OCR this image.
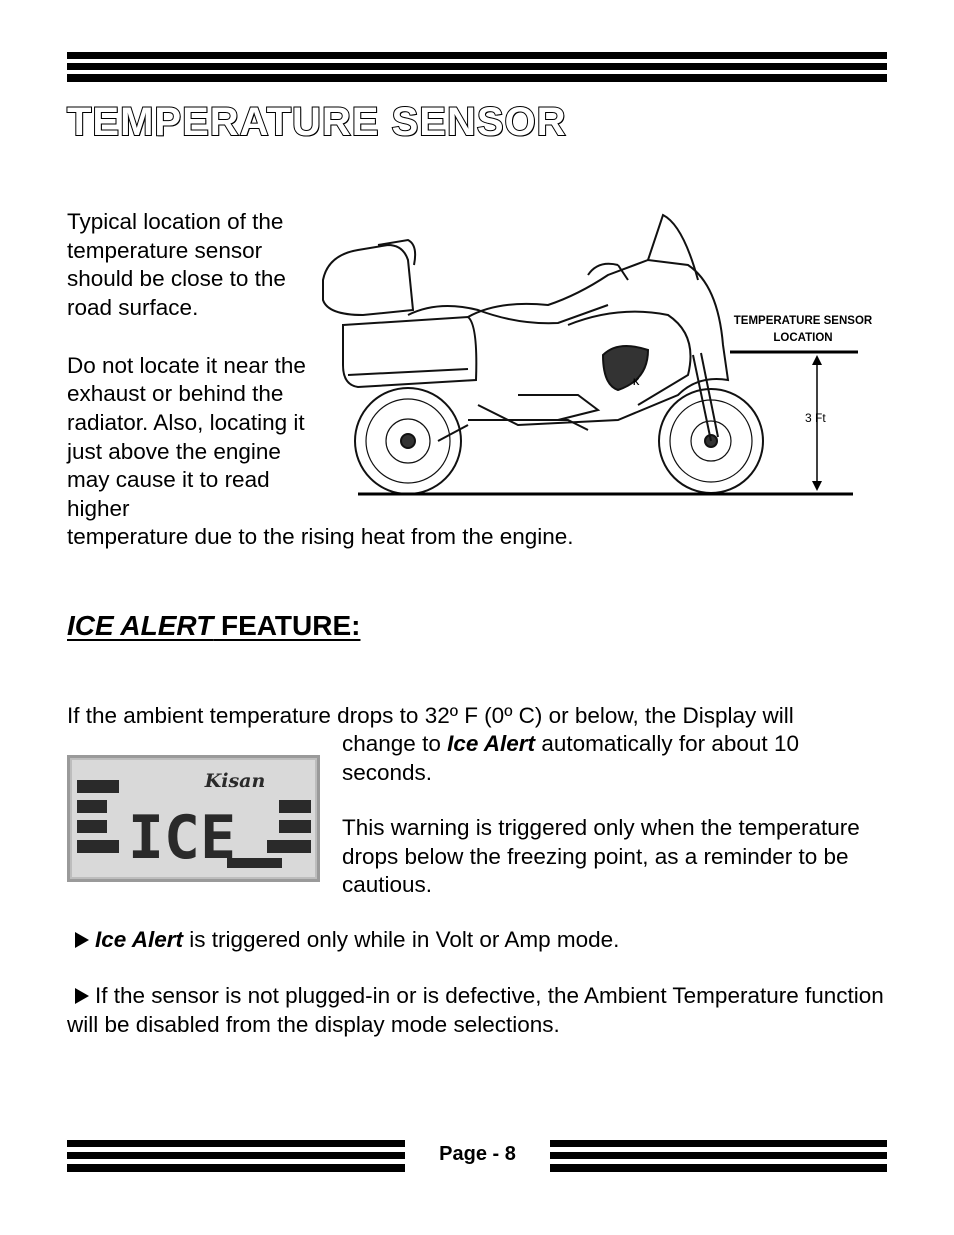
TEMPERATURE SENSOR

Typical location of the temperature sensor should be close to the road surface.

Do not locate it near the exhaust or behind the radiator. Also, locating it just above the engine may cause it to read higher

temperature due to the rising heat from the engine.

K
3 Ft
TEMPERATURE SENSOR
LOCATION
ICE ALERT FEATURE:

If the ambient temperature drops to 32º F (0º C) or below, the Display will

change to Ice Alert automatically for about 10 seconds.

This warning is triggered only when the temperature drops below the freezing point, as a reminder to be cautious.

ICE
Kisan
Ice Alert is triggered only while in Volt or Amp mode.
If the sensor is not plugged-in or is defective, the Ambient Temperature function will be disabled from the display mode selections.
Page - 8
